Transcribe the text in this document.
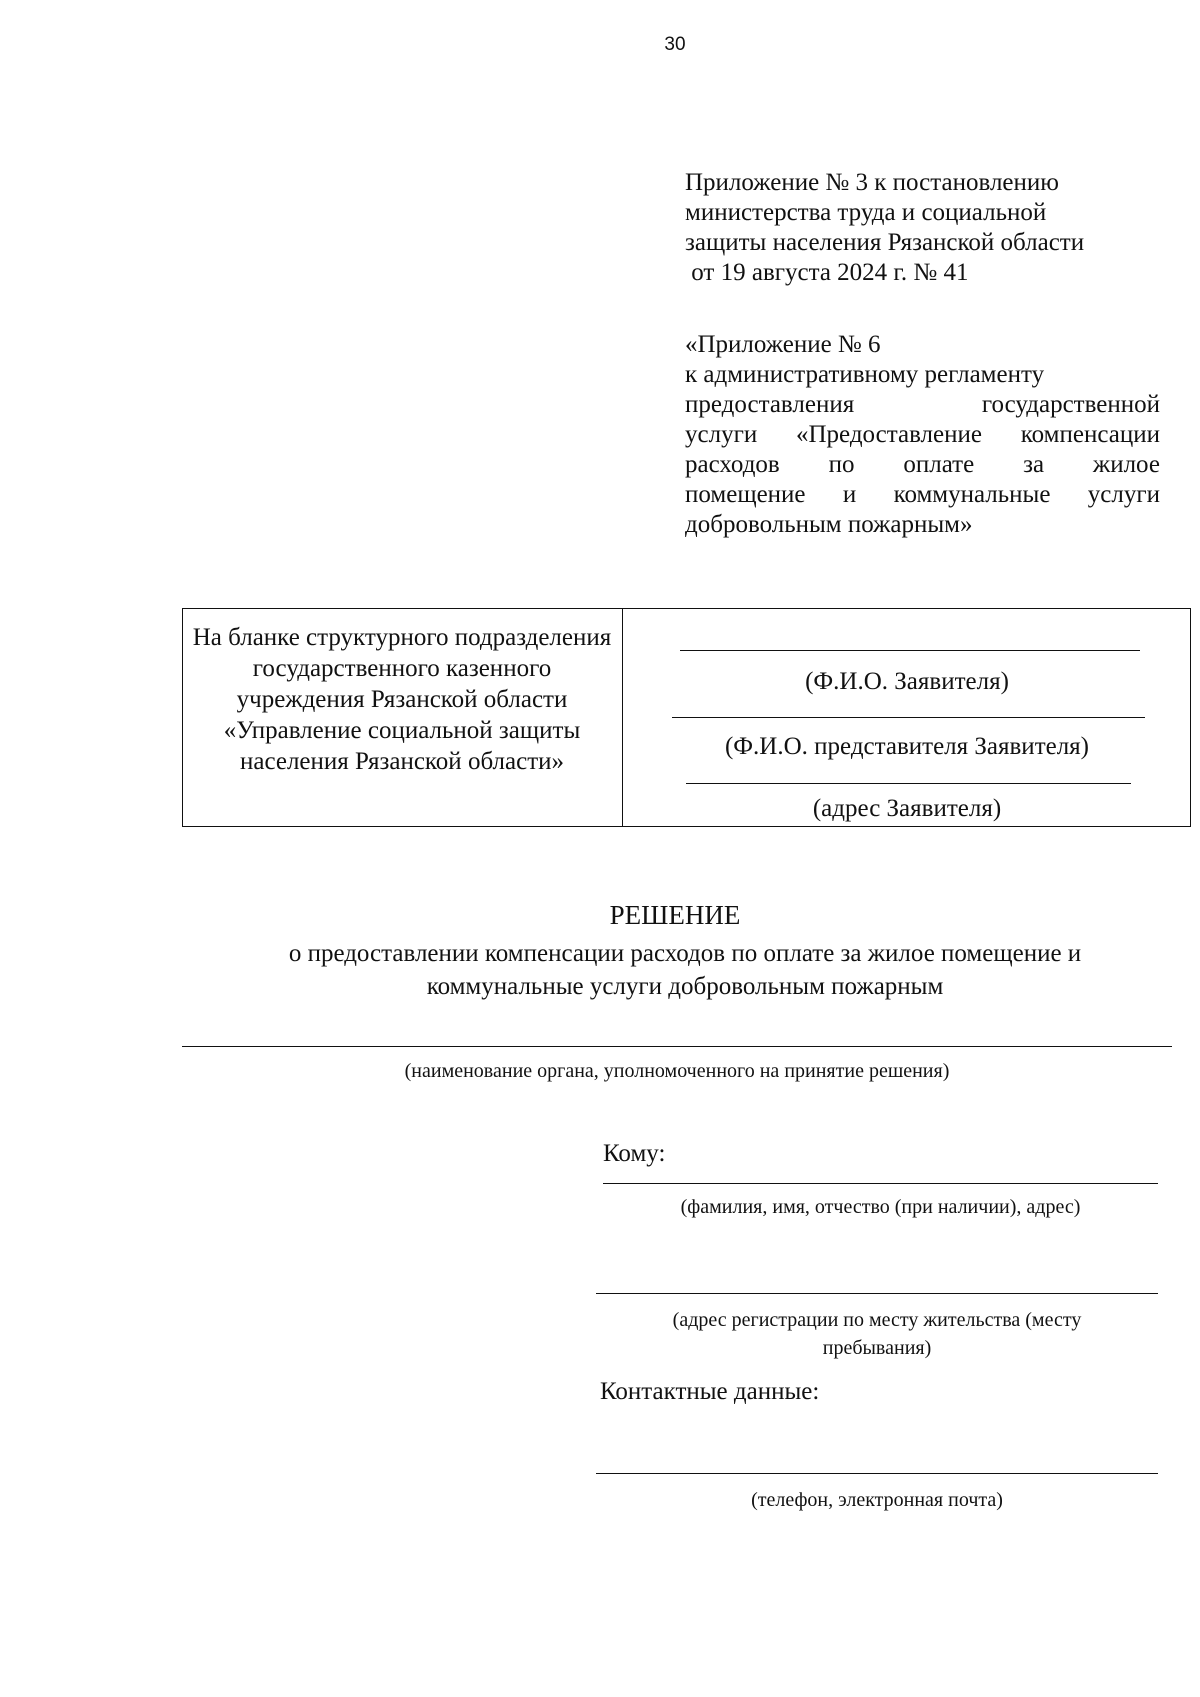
30
Приложение № 3 к постановлению
министерства труда и социальной
защиты населения Рязанской области
от 19 августа 2024 г. № 41
«Приложение № 6
к административному регламенту
предоставления	государственной
услуги «Предоставление компенсации
расходов по оплате за жилое
помещение и коммунальные услуги
добровольным пожарным»
На бланке структурного подразделения государственного казенного учреждения Рязанской области «Управление социальной защиты населения Рязанской области»
(Ф.И.О. Заявителя)
(Ф.И.О. представителя Заявителя)
(адрес Заявителя)
РЕШЕНИЕ
о предоставлении компенсации расходов по оплате за жилое помещение и
коммунальные услуги добровольным пожарным
(наименование органа, уполномоченного на принятие решения)
Кому:
(фамилия, имя, отчество (при наличии), адрес)
(адрес регистрации по месту жительства (месту
пребывания)
Контактные данные:
(телефон, электронная почта)
